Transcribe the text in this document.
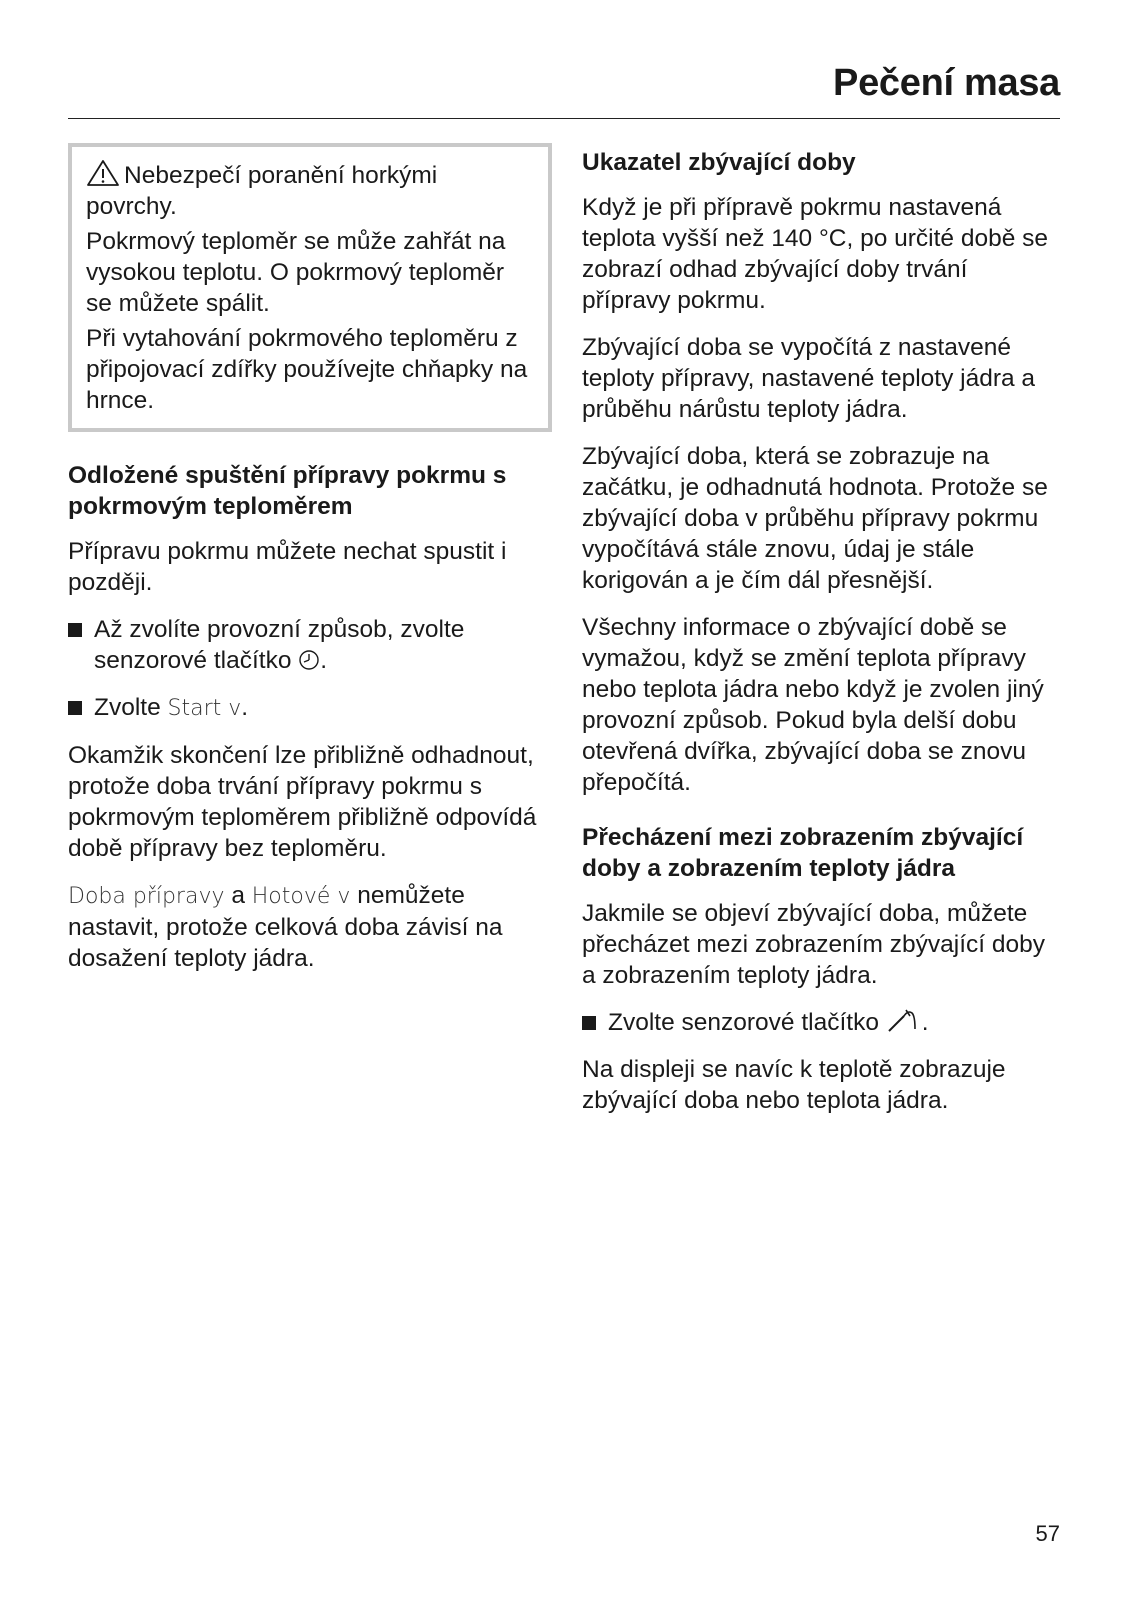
Pečení masa

Nebezpečí poranění horkými povrchy.

Pokrmový teploměr se může zahřát na vysokou teplotu. O pokrmový teploměr se můžete spálit.

Při vytahování pokrmového teploměru z připojovací zdířky používejte chňapky na hrnce.

Odložené spuštění přípravy pokrmu s pokrmovým teploměrem

Přípravu pokrmu můžete nechat spustit i později.

Až zvolíte provozní způsob, zvolte senzorové tlačítko .
Zvolte Start v.

Okamžik skončení lze přibližně odhadnout, protože doba trvání přípravy pokrmu s pokrmovým teploměrem přibližně odpovídá době přípravy bez teploměru.

Doba přípravy a Hotové v nemůžete nastavit, protože celková doba závisí na dosažení teploty jádra.

Ukazatel zbývající doby

Když je při přípravě pokrmu nastavená teplota vyšší než 140 °C, po určité době se zobrazí odhad zbývající doby trvání přípravy pokrmu.

Zbývající doba se vypočítá z nastavené teploty přípravy, nastavené teploty jádra a průběhu nárůstu teploty jádra.

Zbývající doba, která se zobrazuje na začátku, je odhadnutá hodnota. Protože se zbývající doba v průběhu přípravy pokrmu vypočítává stále znovu, údaj je stále korigován a je čím dál přesnější.

Všechny informace o zbývající době se vymažou, když se změní teplota přípravy nebo teplota jádra nebo když je zvolen jiný provozní způsob. Pokud byla delší dobu otevřená dvířka, zbývající doba se znovu přepočítá.

Přecházení mezi zobrazením zbývající doby a zobrazením teploty jádra

Jakmile se objeví zbývající doba, můžete přecházet mezi zobrazením zbývající doby a zobrazením teploty jádra.

Zvolte senzorové tlačítko .

Na displeji se navíc k teplotě zobrazuje zbývající doba nebo teplota jádra.

57
